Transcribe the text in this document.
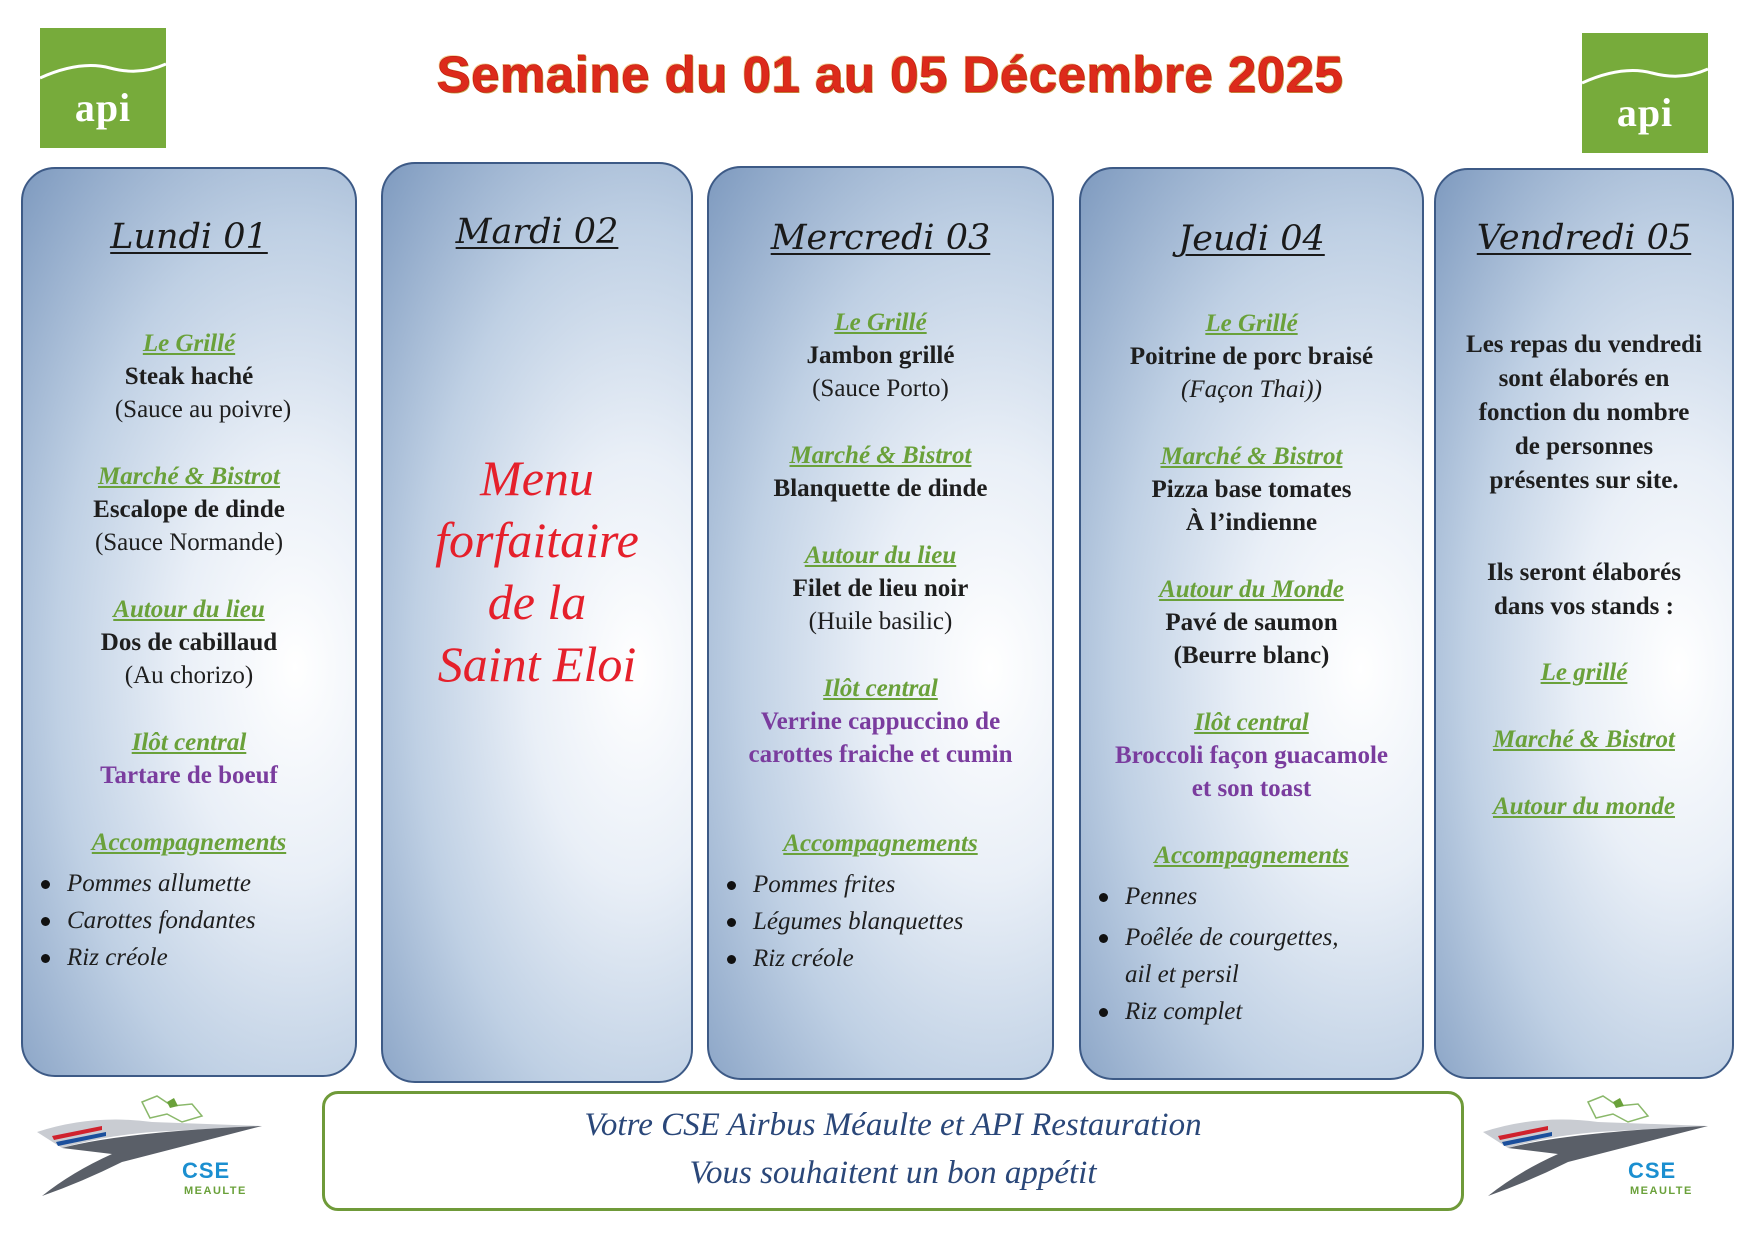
api	api
Semaine du 01 au 05 Décembre 2025
Lundi 01

Le Grillé

Steak haché

(Sauce au poivre)

Marché & Bistrot

Escalope de dinde

(Sauce Normande)

Autour du lieu

Dos de cabillaud

(Au chorizo)

Ilôt central

Tartare de boeuf

Accompagnements

Pommes allumette
Carottes fondantes
Riz créole
Mardi 02
Menu
forfaitaire
de la
Saint Eloi
Mercredi 03

Le Grillé

Jambon grillé

(Sauce Porto)

Marché & Bistrot

Blanquette de dinde

Autour du lieu

Filet de lieu noir

(Huile basilic)

Ilôt central

Verrine cappuccino de

carottes fraiche et cumin

Accompagnements

Pommes frites
Légumes blanquettes
Riz créole
Jeudi 04

Le Grillé

Poitrine de porc braisé

(Façon Thai))

Marché & Bistrot

Pizza base tomates

À l’indienne

Autour du Monde

Pavé de saumon

(Beurre blanc)

Ilôt central

Broccoli façon guacamole

et son toast

Accompagnements

Pennes
Poêlée de courgettes,
ail et persil
Riz complet
Vendredi 05

Les repas du vendredi

sont élaborés en

fonction du nombre

de personnes

présentes sur site.

Ils seront élaborés

dans vos stands :

Le grillé

Marché & Bistrot

Autour du monde

Votre CSE Airbus Méaulte et API Restauration
Vous souhaitent un bon appétit
CSE
MEAULTE
CSE
MEAULTE
